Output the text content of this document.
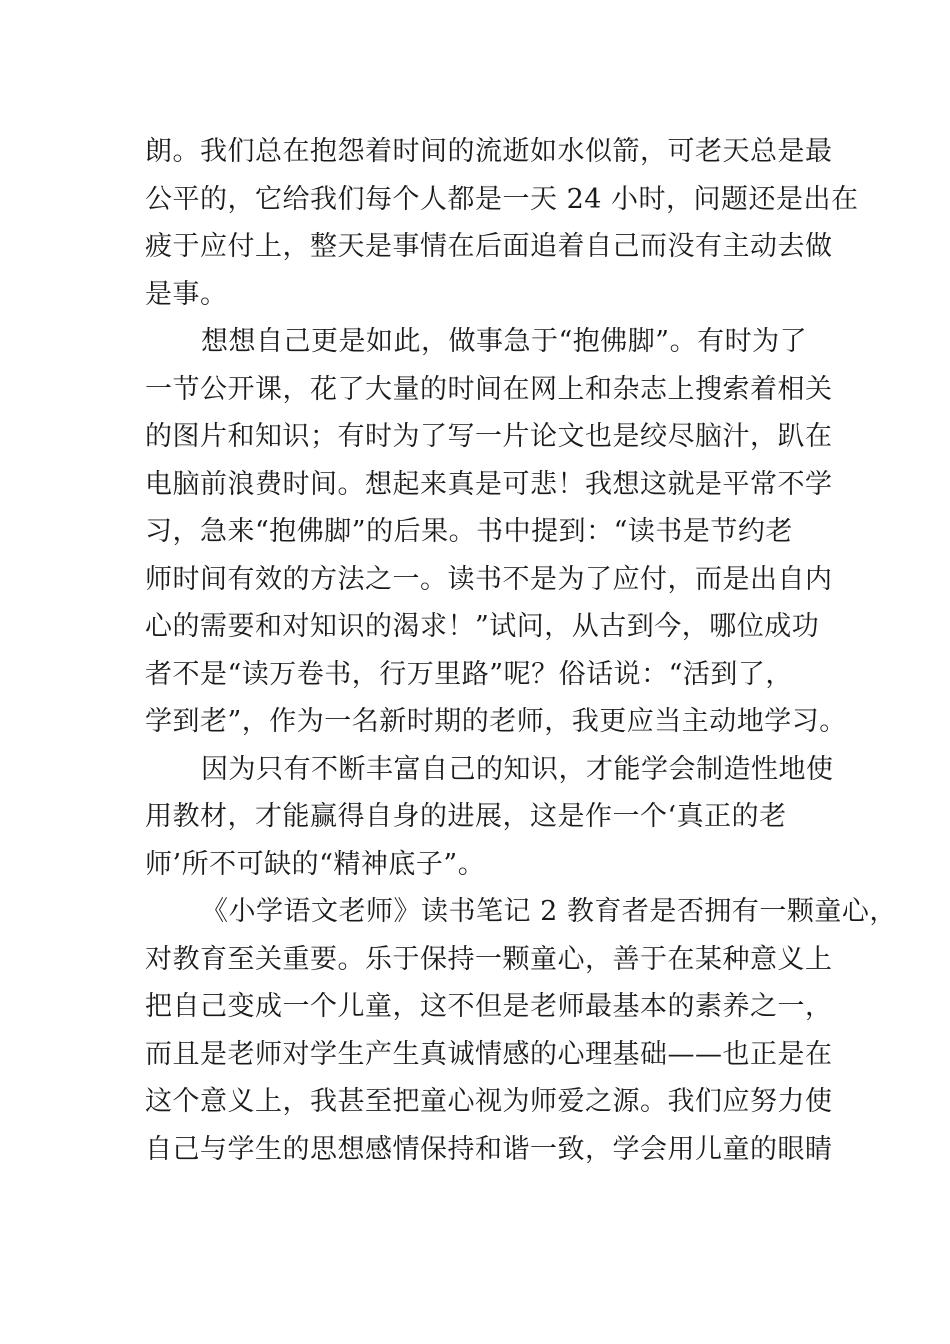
朗。我们总在抱怨着时间的流逝如水似箭，可老天总是最
公平的，它给我们每个人都是一天 24 小时，问题还是出在
疲于应付上，整天是事情在后面追着自己而没有主动去做
是事。
想想自己更是如此，做事急于“抱佛脚”。有时为了
一节公开课，花了大量的时间在网上和杂志上搜索着相关
的图片和知识；有时为了写一片论文也是绞尽脑汁，趴在
电脑前浪费时间。想起来真是可悲！我想这就是平常不学
习，急来“抱佛脚”的后果。书中提到：“读书是节约老
师时间有效的方法之一。读书不是为了应付，而是出自内
心的需要和对知识的渴求！”试问，从古到今，哪位成功
者不是“读万卷书，行万里路”呢？俗话说：“活到了，
学到老”，作为一名新时期的老师，我更应当主动地学习。
因为只有不断丰富自己的知识，才能学会制造性地使
用教材，才能赢得自身的进展，这是作一个‘真正的老
师’所不可缺的“精神底子”。
《小学语文老师》读书笔记 2 教育者是否拥有一颗童心，
对教育至关重要。乐于保持一颗童心，善于在某种意义上
把自己变成一个儿童，这不但是老师最基本的素养之一，
而且是老师对学生产生真诚情感的心理基础——也正是在
这个意义上，我甚至把童心视为师爱之源。我们应努力使
自己与学生的思想感情保持和谐一致，学会用儿童的眼睛
